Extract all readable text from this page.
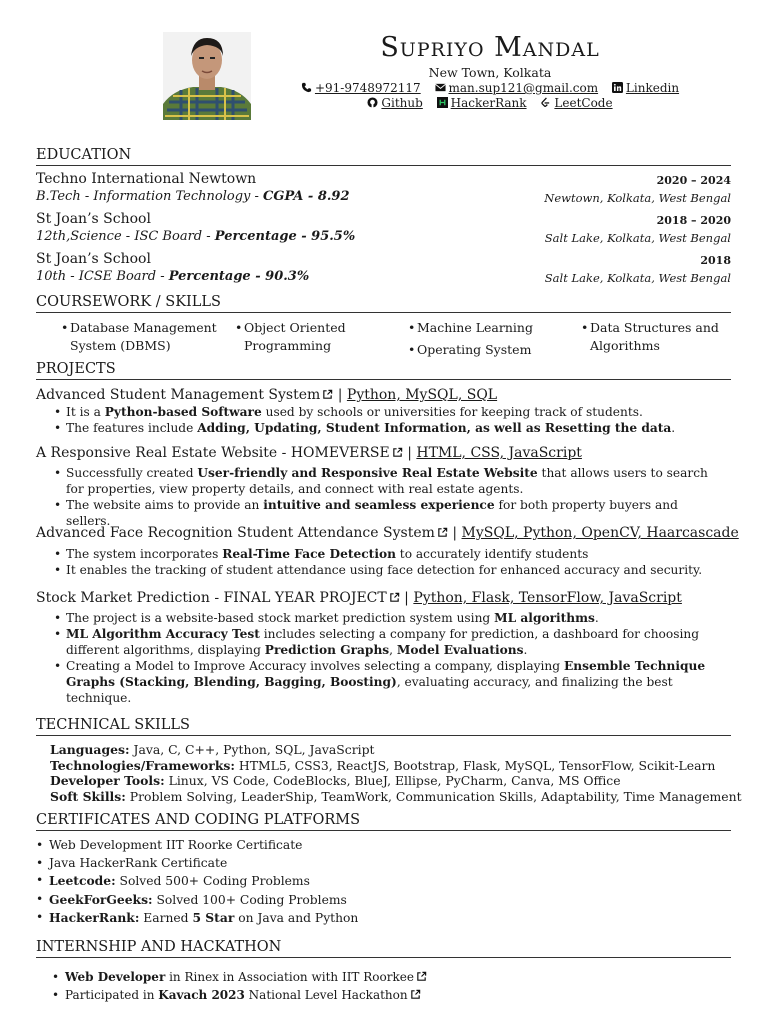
Supriyo Mandal
New Town, Kolkata
+91-9748972117 man.sup121@gmail.com Linkedin
Github HackerRank LeetCode
EDUCATION
Techno International Newtown	2020 – 2024
B.Tech - Information Technology - CGPA - 8.92	Newtown, Kolkata, West Bengal
St Joan’s School	2018 – 2020
12th,Science - ISC Board - Percentage - 95.5%	Salt Lake, Kolkata, West Bengal
St Joan’s School	2018
10th - ICSE Board - Percentage - 90.3%	Salt Lake, Kolkata, West Bengal
COURSEWORK / SKILLS
• Database Management
System (DBMS)
• Object Oriented
Programming
• Machine Learning
• Operating System
• Data Structures and
Algorithms
PROJECTS
Advanced Student Management System | Python, MySQL, SQL
• It is a Python-based Software used by schools or universities for keeping track of students.
• The features include Adding, Updating, Student Information, as well as Resetting the data.
A Responsive Real Estate Website - HOMEVERSE | HTML, CSS, JavaScript
• Successfully created User-friendly and Responsive Real Estate Website that allows users to search for properties, view property details, and connect with real estate agents.
• The website aims to provide an intuitive and seamless experience for both property buyers and sellers.
Advanced Face Recognition Student Attendance System | MySQL, Python, OpenCV, Haarcascade
• The system incorporates Real-Time Face Detection to accurately identify students
• It enables the tracking of student attendance using face detection for enhanced accuracy and security.
Stock Market Prediction - FINAL YEAR PROJECT | Python, Flask, TensorFlow, JavaScript
• The project is a website-based stock market prediction system using ML algorithms.
• ML Algorithm Accuracy Test includes selecting a company for prediction, a dashboard for choosing different algorithms, displaying Prediction Graphs, Model Evaluations.
• Creating a Model to Improve Accuracy involves selecting a company, displaying Ensemble Technique Graphs (Stacking, Blending, Bagging, Boosting), evaluating accuracy, and finalizing the best technique.
TECHNICAL SKILLS
Languages: Java, C, C++, Python, SQL, JavaScript
Technologies/Frameworks: HTML5, CSS3, ReactJS, Bootstrap, Flask, MySQL, TensorFlow, Scikit-Learn
Developer Tools: Linux, VS Code, CodeBlocks, BlueJ, Ellipse, PyCharm, Canva, MS Office
Soft Skills: Problem Solving, LeaderShip, TeamWork, Communication Skills, Adaptability, Time Management
CERTIFICATES AND CODING PLATFORMS
• Web Development IIT Roorke Certificate
• Java HackerRank Certificate
• Leetcode: Solved 500+ Coding Problems
• GeekForGeeks: Solved 100+ Coding Problems
• HackerRank: Earned 5 Star on Java and Python
INTERNSHIP AND HACKATHON
• Web Developer in Rinex in Association with IIT Roorkee
• Participated in Kavach 2023 National Level Hackathon
